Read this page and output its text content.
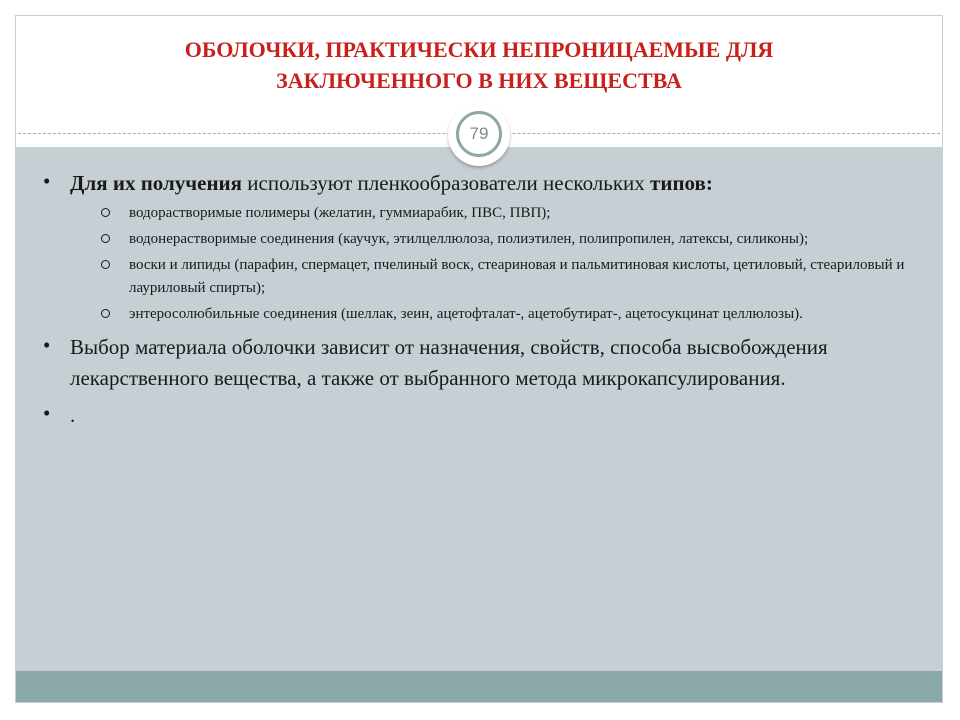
ОБОЛОЧКИ, ПРАКТИЧЕСКИ НЕПРОНИЦАЕМЫЕ ДЛЯ
ЗАКЛЮЧЕННОГО В НИХ ВЕЩЕСТВА
79
• Для их получения используют пленкообразователи нескольких типов:
водорастворимые полимеры (желатин, гуммиарабик, ПВС, ПВП);
водонерастворимые соединения (каучук, этилцеллюлоза, полиэтилен, полипропилен, латексы, силиконы);
воски и липиды (парафин, спермацет, пчелиный воск, стеариновая и пальмитиновая кислоты, цетиловый, стеариловый и лауриловый спирты);
энтеросолюбильные соединения (шеллак, зеин, ацетофталат-, ацетобутират-, ацетосукцинат целлюлозы).
• Выбор материала оболочки зависит от назначения, свойств, способа высвобождения лекарственного вещества, а также от выбранного метода микрокапсулирования.
• .
